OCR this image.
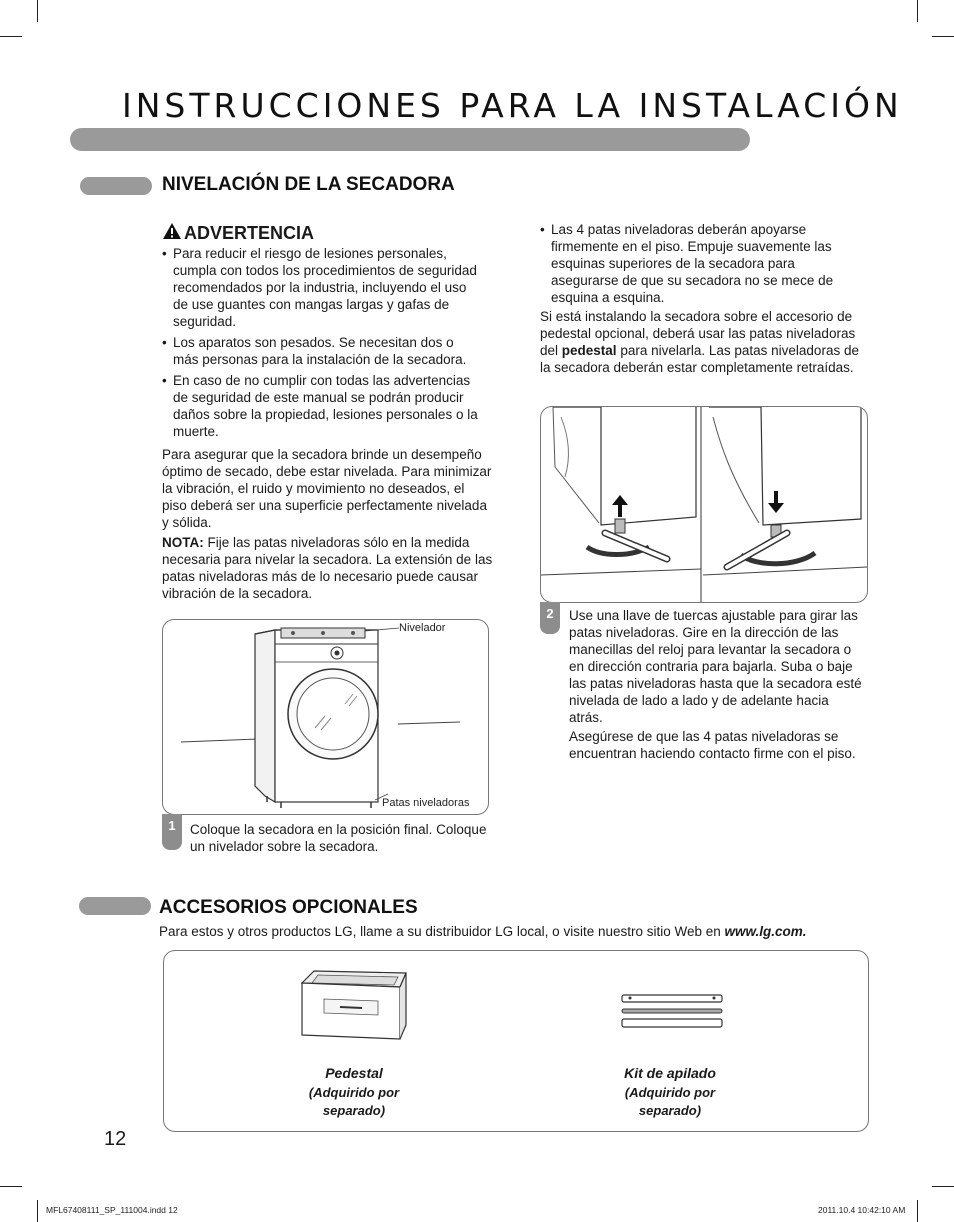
INSTRUCCIONES PARA LA INSTALACIÓN
NIVELACIÓN DE LA SECADORA
ADVERTENCIA
• Para reducir el riesgo de lesiones personales, cumpla con todos los procedimientos de seguridad recomendados por la industria, incluyendo el uso de use guantes con mangas largas y gafas de seguridad.
• Los aparatos son pesados. Se necesitan dos o más personas para la instalación de la secadora.
• En caso de no cumplir con todas las advertencias de seguridad de este manual se podrán producir daños sobre la propiedad, lesiones personales o la muerte.

Para asegurar que la secadora brinde un desempeño óptimo de secado, debe estar nivelada. Para minimizar la vibración, el ruido y movimiento no deseados, el piso deberá ser una superficie perfectamente nivelada y sólida.

NOTA: Fije las patas niveladoras sólo en la medida necesaria para nivelar la secadora. La extensión de las patas niveladoras más de lo necesario puede causar vibración de la secadora.

Nivelador
Patas niveladoras
1	Coloque la secadora en la posición final. Coloque un nivelador sobre la secadora.

• Las 4 patas niveladoras deberán apoyarse firmemente en el piso. Empuje suavemente las esquinas superiores de la secadora para asegurarse de que su secadora no se mece de esquina a esquina.

Si está instalando la secadora sobre el accesorio de pedestal opcional, deberá usar las patas niveladoras del pedestal para nivelarla. Las patas niveladoras de la secadora deberán estar completamente retraídas.

2	Use una llave de tuercas ajustable para girar las patas niveladoras. Gire en la dirección de las manecillas del reloj para levantar la secadora o en dirección contraria para bajarla. Suba o baje las patas niveladoras hasta que la secadora esté nivelada de lado a lado y de adelante hacia atrás.

Asegúrese de que las 4 patas niveladoras se encuentran haciendo contacto firme con el piso.

ACCESORIOS OPCIONALES

Para estos y otros productos LG, llame a su distribuidor LG local, o visite nuestro sitio Web en www.lg.com.

Pedestal
(Adquirido por
separado)
Kit de apilado
(Adquirido por
separado)
12
MFL67408111_SP_111004.indd 12	2011.10.4 10:42:10 AM
